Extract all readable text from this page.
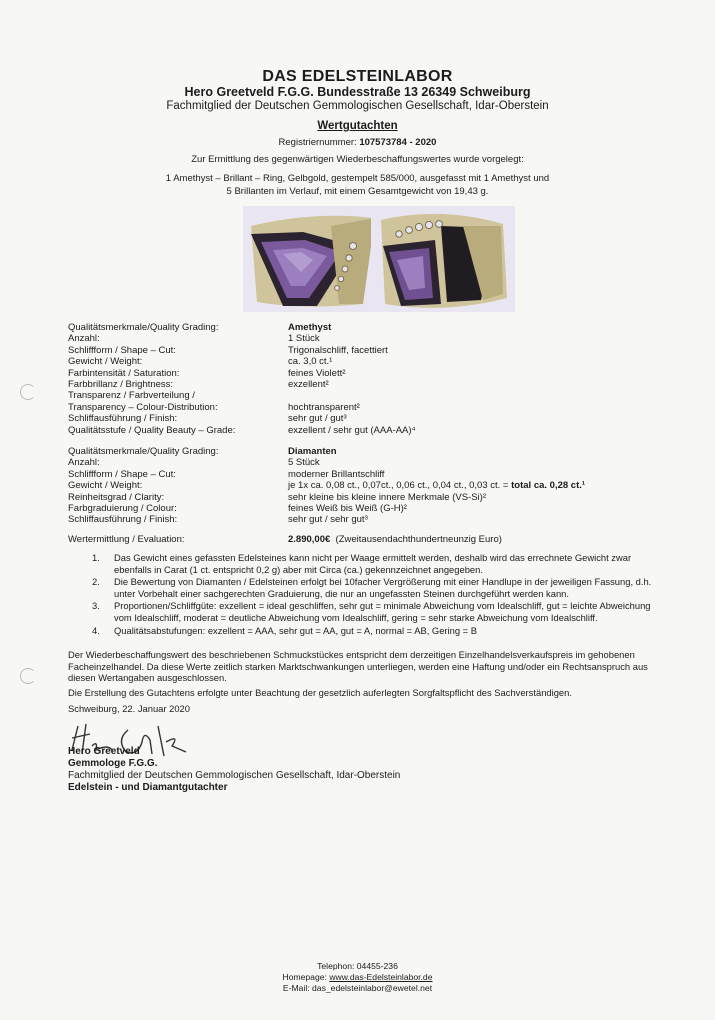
DAS EDELSTEINLABOR
Hero Greetveld F.G.G. Bundesstraße 13 26349 Schweiburg
Fachmitglied der Deutschen Gemmologischen Gesellschaft, Idar-Oberstein
Wertgutachten
Registriernummer: 107573784 - 2020
Zur Ermittlung des gegenwärtigen Wiederbeschaffungswertes wurde vorgelegt:
1 Amethyst – Brillant – Ring, Gelbgold, gestempelt 585/000, ausgefasst mit 1 Amethyst und
5 Brillanten im Verlauf, mit einem Gesamtgewicht von 19,43 g.
Qualitätsmerkmale/Quality Grading:	Amethyst
Anzahl:	1 Stück
Schliffform / Shape – Cut:	Trigonalschliff, facettiert
Gewicht / Weight:	ca. 3,0 ct.¹
Farbintensität / Saturation:	feines Violett²
Farbbrillanz / Brightness:	exzellent²
Transparenz / Farbverteilung /
Transparency – Colour-Distribution:	hochtransparent²
Schliffausführung / Finish:	sehr gut / gut³
Qualitätsstufe / Quality Beauty – Grade:	exzellent / sehr gut (AAA-AA)⁴
Qualitätsmerkmale/Quality Grading:	Diamanten
Anzahl:	5 Stück
Schliffform / Shape – Cut:	moderner Brillantschliff
Gewicht / Weight:	je 1x ca. 0,08 ct., 0,07ct., 0,06 ct., 0,04 ct., 0,03 ct. = total ca. 0,28 ct.¹
Reinheitsgrad / Clarity:	sehr kleine bis kleine innere Merkmale (VS-Si)²
Farbgraduierung / Colour:	feines Weiß bis Weiß (G-H)²
Schliffausführung / Finish:	sehr gut / sehr gut³
Wertermittlung / Evaluation:	2.890,00€ (Zweitausendachthundertneunzig Euro)
1. Das Gewicht eines gefassten Edelsteines kann nicht per Waage ermittelt werden, deshalb wird das errechnete Gewicht zwar ebenfalls in Carat (1 ct. entspricht 0,2 g) aber mit Circa (ca.) gekennzeichnet angegeben.
2. Die Bewertung von Diamanten / Edelsteinen erfolgt bei 10facher Vergrößerung mit einer Handlupe in der jeweiligen Fassung, d.h. unter Vorbehalt einer sachgerechten Graduierung, die nur an ungefassten Steinen durchgeführt werden kann.
3. Proportionen/Schliffgüte: exzellent = ideal geschliffen, sehr gut = minimale Abweichung vom Idealschliff, gut = leichte Abweichung vom Idealschliff, moderat = deutliche Abweichung vom Idealschliff, gering = sehr starke Abweichung vom Idealschliff.
4. Qualitätsabstufungen: exzellent = AAA, sehr gut = AA, gut = A, normal = AB, Gering = B
Der Wiederbeschaffungswert des beschriebenen Schmuckstückes entspricht dem derzeitigen Einzelhandelsverkaufspreis im gehobenen Facheinzelhandel. Da diese Werte zeitlich starken Marktschwankungen unterliegen, werden eine Haftung und/oder ein Rechtsanspruch aus diesen Wertangaben ausgeschlossen.
Die Erstellung des Gutachtens erfolgte unter Beachtung der gesetzlich auferlegten Sorgfaltspflicht des Sachverständigen.
Schweiburg, 22. Januar 2020
Hero Greetveld
Gemmologe F.G.G.
Fachmitglied der Deutschen Gemmologischen Gesellschaft, Idar-Oberstein
Edelstein - und Diamantgutachter
Telephon: 04455-236
Homepage: www.das-Edelsteinlabor.de
E-Mail: das_edelsteinlabor@ewetel.net
